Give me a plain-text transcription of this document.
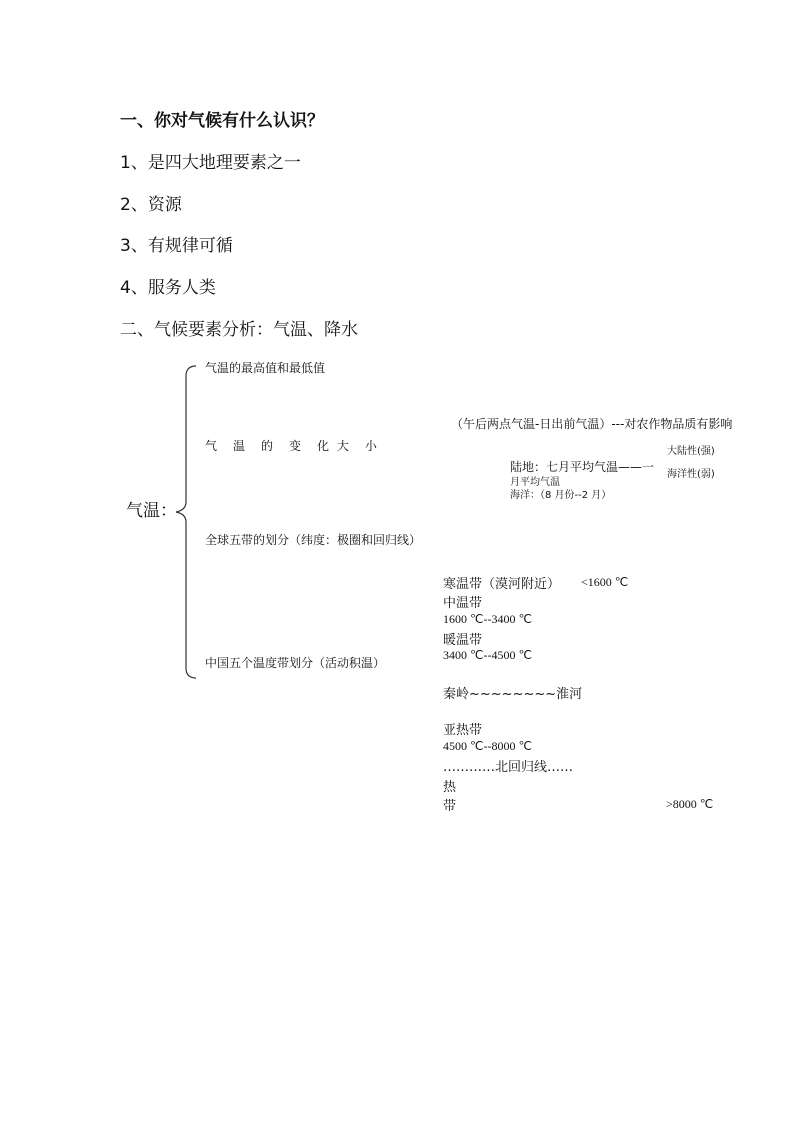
一、你对气候有什么认识？
1、是四大地理要素之一
2、资源
3、有规律可循
4、服务人类
二、气候要素分析：气温、降水
气温：
气温的最高值和最低值
气　温　的　变　化 大　小
全球五带的划分（纬度：极圈和回归线）
中国五个温度带划分（活动积温）
（午后两点气温-日出前气温）---对农作物品质有影响
大陆性(强)
海洋性(弱)
陆地：七月平均气温——一
月平均气温
海洋：（8 月份--2 月）
寒温带（漠河附近） <1600 ℃
中温带
1600 ℃--3400 ℃
暖温带
3400 ℃--4500 ℃
秦岭~~~~~~~~淮河
亚热带
4500 ℃--8000 ℃
…………北回归线……
热
带	>8000 ℃
